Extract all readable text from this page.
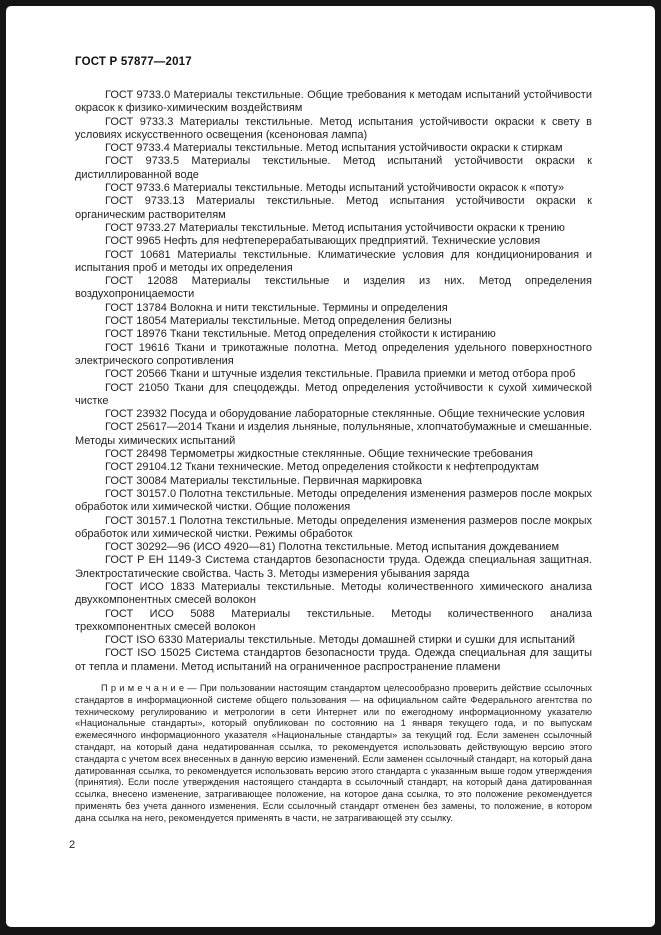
ГОСТ Р 57877—2017

ГОСТ 9733.0 Материалы текстильные. Общие требования к методам испытаний устойчивости окрасок к физико-химическим воздействиям

ГОСТ 9733.3 Материалы текстильные. Метод испытания устойчивости окраски к свету в условиях искусственного освещения (ксеноновая лампа)

ГОСТ 9733.4 Материалы текстильные. Метод испытания устойчивости окраски к стиркам

ГОСТ 9733.5 Материалы текстильные. Метод испытаний устойчивости окраски к дистиллированной воде

ГОСТ 9733.6 Материалы текстильные. Методы испытаний устойчивости окрасок к «поту»

ГОСТ 9733.13 Материалы текстильные. Метод испытания устойчивости окраски к органическим растворителям

ГОСТ 9733.27 Материалы текстильные. Метод испытания устойчивости окраски к трению

ГОСТ 9965 Нефть для нефтеперерабатывающих предприятий. Технические условия

ГОСТ 10681 Материалы текстильные. Климатические условия для кондиционирования и испытания проб и методы их определения

ГОСТ 12088 Материалы текстильные и изделия из них. Метод определения воздухопроницаемости

ГОСТ 13784 Волокна и нити текстильные. Термины и определения

ГОСТ 18054 Материалы текстильные. Метод определения белизны

ГОСТ 18976 Ткани текстильные. Метод определения стойкости к истиранию

ГОСТ 19616 Ткани и трикотажные полотна. Метод определения удельного поверхностного электрического сопротивления

ГОСТ 20566 Ткани и штучные изделия текстильные. Правила приемки и метод отбора проб

ГОСТ 21050 Ткани для спецодежды. Метод определения устойчивости к сухой химической чистке

ГОСТ 23932 Посуда и оборудование лабораторные стеклянные. Общие технические условия

ГОСТ 25617—2014 Ткани и изделия льняные, полульняные, хлопчатобумажные и смешанные. Методы химических испытаний

ГОСТ 28498 Термометры жидкостные стеклянные. Общие технические требования

ГОСТ 29104.12 Ткани технические. Метод определения стойкости к нефтепродуктам

ГОСТ 30084 Материалы текстильные. Первичная маркировка

ГОСТ 30157.0 Полотна текстильные. Методы определения изменения размеров после мокрых обработок или химической чистки. Общие положения

ГОСТ 30157.1 Полотна текстильные. Методы определения изменения размеров после мокрых обработок или химической чистки. Режимы обработок

ГОСТ 30292—96 (ИСО 4920—81) Полотна текстильные. Метод испытания дождеванием

ГОСТ Р ЕН 1149-3 Система стандартов безопасности труда. Одежда специальная защитная. Электростатические свойства. Часть 3. Методы измерения убывания заряда

ГОСТ ИСО 1833 Материалы текстильные. Методы количественного химического анализа двухкомпонентных смесей волокон

ГОСТ ИСО 5088 Материалы текстильные. Методы количественного анализа трехкомпонентных смесей волокон

ГОСТ ISO 6330 Материалы текстильные. Методы домашней стирки и сушки для испытаний

ГОСТ ISO 15025 Система стандартов безопасности труда. Одежда специальная для защиты от тепла и пламени. Метод испытаний на ограниченное распространение пламени

П р и м е ч а н и е — При пользовании настоящим стандартом целесообразно проверить действие ссылочных стандартов в информационной системе общего пользования — на официальном сайте Федерального агентства по техническому регулированию и метрологии в сети Интернет или по ежегодному информационному указателю «Национальные стандарты», который опубликован по состоянию на 1 января текущего года, и по выпускам ежемесячного информационного указателя «Национальные стандарты» за текущий год. Если заменен ссылочный стандарт, на который дана недатированная ссылка, то рекомендуется использовать действующую версию этого стандарта с учетом всех внесенных в данную версию изменений. Если заменен ссылочный стандарт, на который дана датированная ссылка, то рекомендуется использовать версию этого стандарта с указанным выше годом утверждения (принятия). Если после утверждения настоящего стандарта в ссылочный стандарт, на который дана датированная ссылка, внесено изменение, затрагивающее положение, на которое дана ссылка, то это положение рекомендуется применять без учета данного изменения. Если ссылочный стандарт отменен без замены, то положение, в котором дана ссылка на него, рекомендуется применять в части, не затрагивающей эту ссылку.

2
